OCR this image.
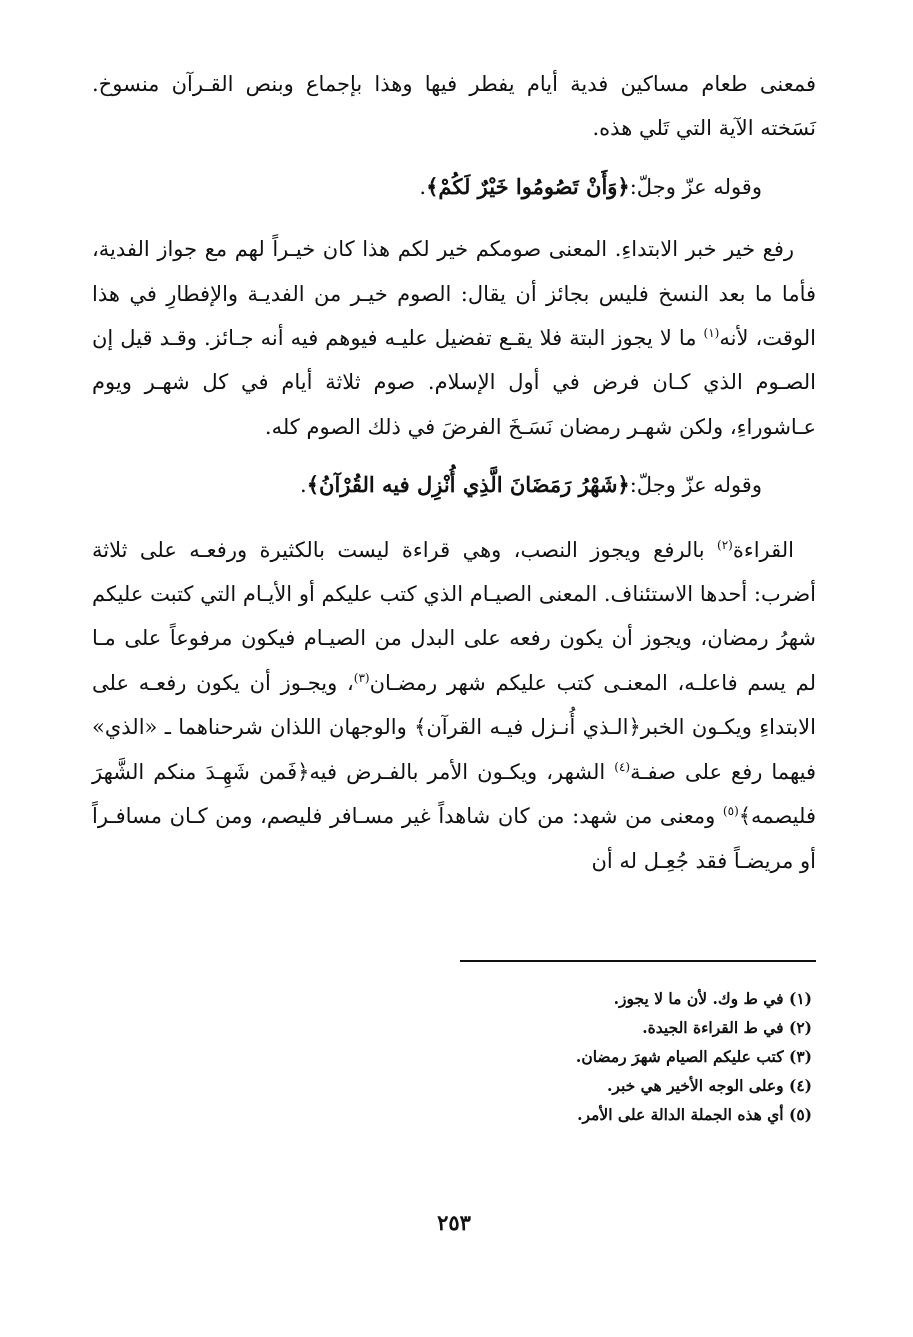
فمعنى طعام مساكين فدية أيام يفطر فيها وهذا بإجماع وبنص القـرآن منسوخ. نَسَخته الآية التي تَلي هذه.

وقوله عزّ وجلّ:﴿وَأَنْ تَصُومُوا خَيْرٌ لَكُمْ﴾.

رفع خير خبر الابتداءِ. المعنى صومكم خير لكم هذا كان خيـراً لهم مع جواز الفدية، فأما ما بعد النسخ فليس بجائز أن يقال: الصوم خيـر من الفديـة والإفطارِ في هذا الوقت، لأنه$^{(١)}$ ما لا يجوز البتة فلا يقـع تفضيل عليـه فيوهم فيه أنه جـائز. وقـد قيل إن الصـوم الذي كـان فرض في أول الإسلام. صوم ثلاثة أيام في كل شهـر ويوم عـاشوراءِ، ولكن شهـر رمضان نَسَـخَ الفرضَ في ذلك الصوم كله.

وقوله عزّ وجلّ:﴿شَهْرُ رَمَضَانَ الَّذِي أُنْزِل فيه القُرْآنُ﴾.

القراءة$^{(٢)}$ بالرفع ويجوز النصب، وهي قراءة ليست بالكثيرة ورفعـه على ثلاثة أضرب: أحدها الاستئناف. المعنى الصيـام الذي كتب عليكم أو الأيـام التي كتبت عليكم شهرُ رمضان، ويجوز أن يكون رفعه على البدل من الصيـام فيكون مرفوعاً على مـا لم يسم فاعلـه، المعنـى كتب عليكم شهر رمضـان$^{(٣)}$، ويجـوز أن يكون رفعـه على الابتداءِ ويكـون الخبر﴿الـذي أُنـزل فيـه القرآن﴾ والوجهان اللذان شرحناهما ـ «الذي» فيهما رفع على صفـة$^{(٤)}$ الشهر، ويكـون الأمر بالفـرض فيه﴿فَمن شَهِـدَ منكم الشَّهرَ فليصمه﴾$^{(٥)}$ ومعنى من شهد: من كان شاهداً غير مسـافر فليصم، ومن كـان مسافـراً أو مريضـاً فقد جُعِـل له أن

(١) في ط وك. لأن ما لا يجوز.

(٢) في ط القراءة الجيدة.

(٣) كتب عليكم الصيام شهرَ رمضان.

(٤) وعلى الوجه الأخير هي خبر.

(٥) أي هذه الجملة الدالة على الأمر.

٢٥٣
